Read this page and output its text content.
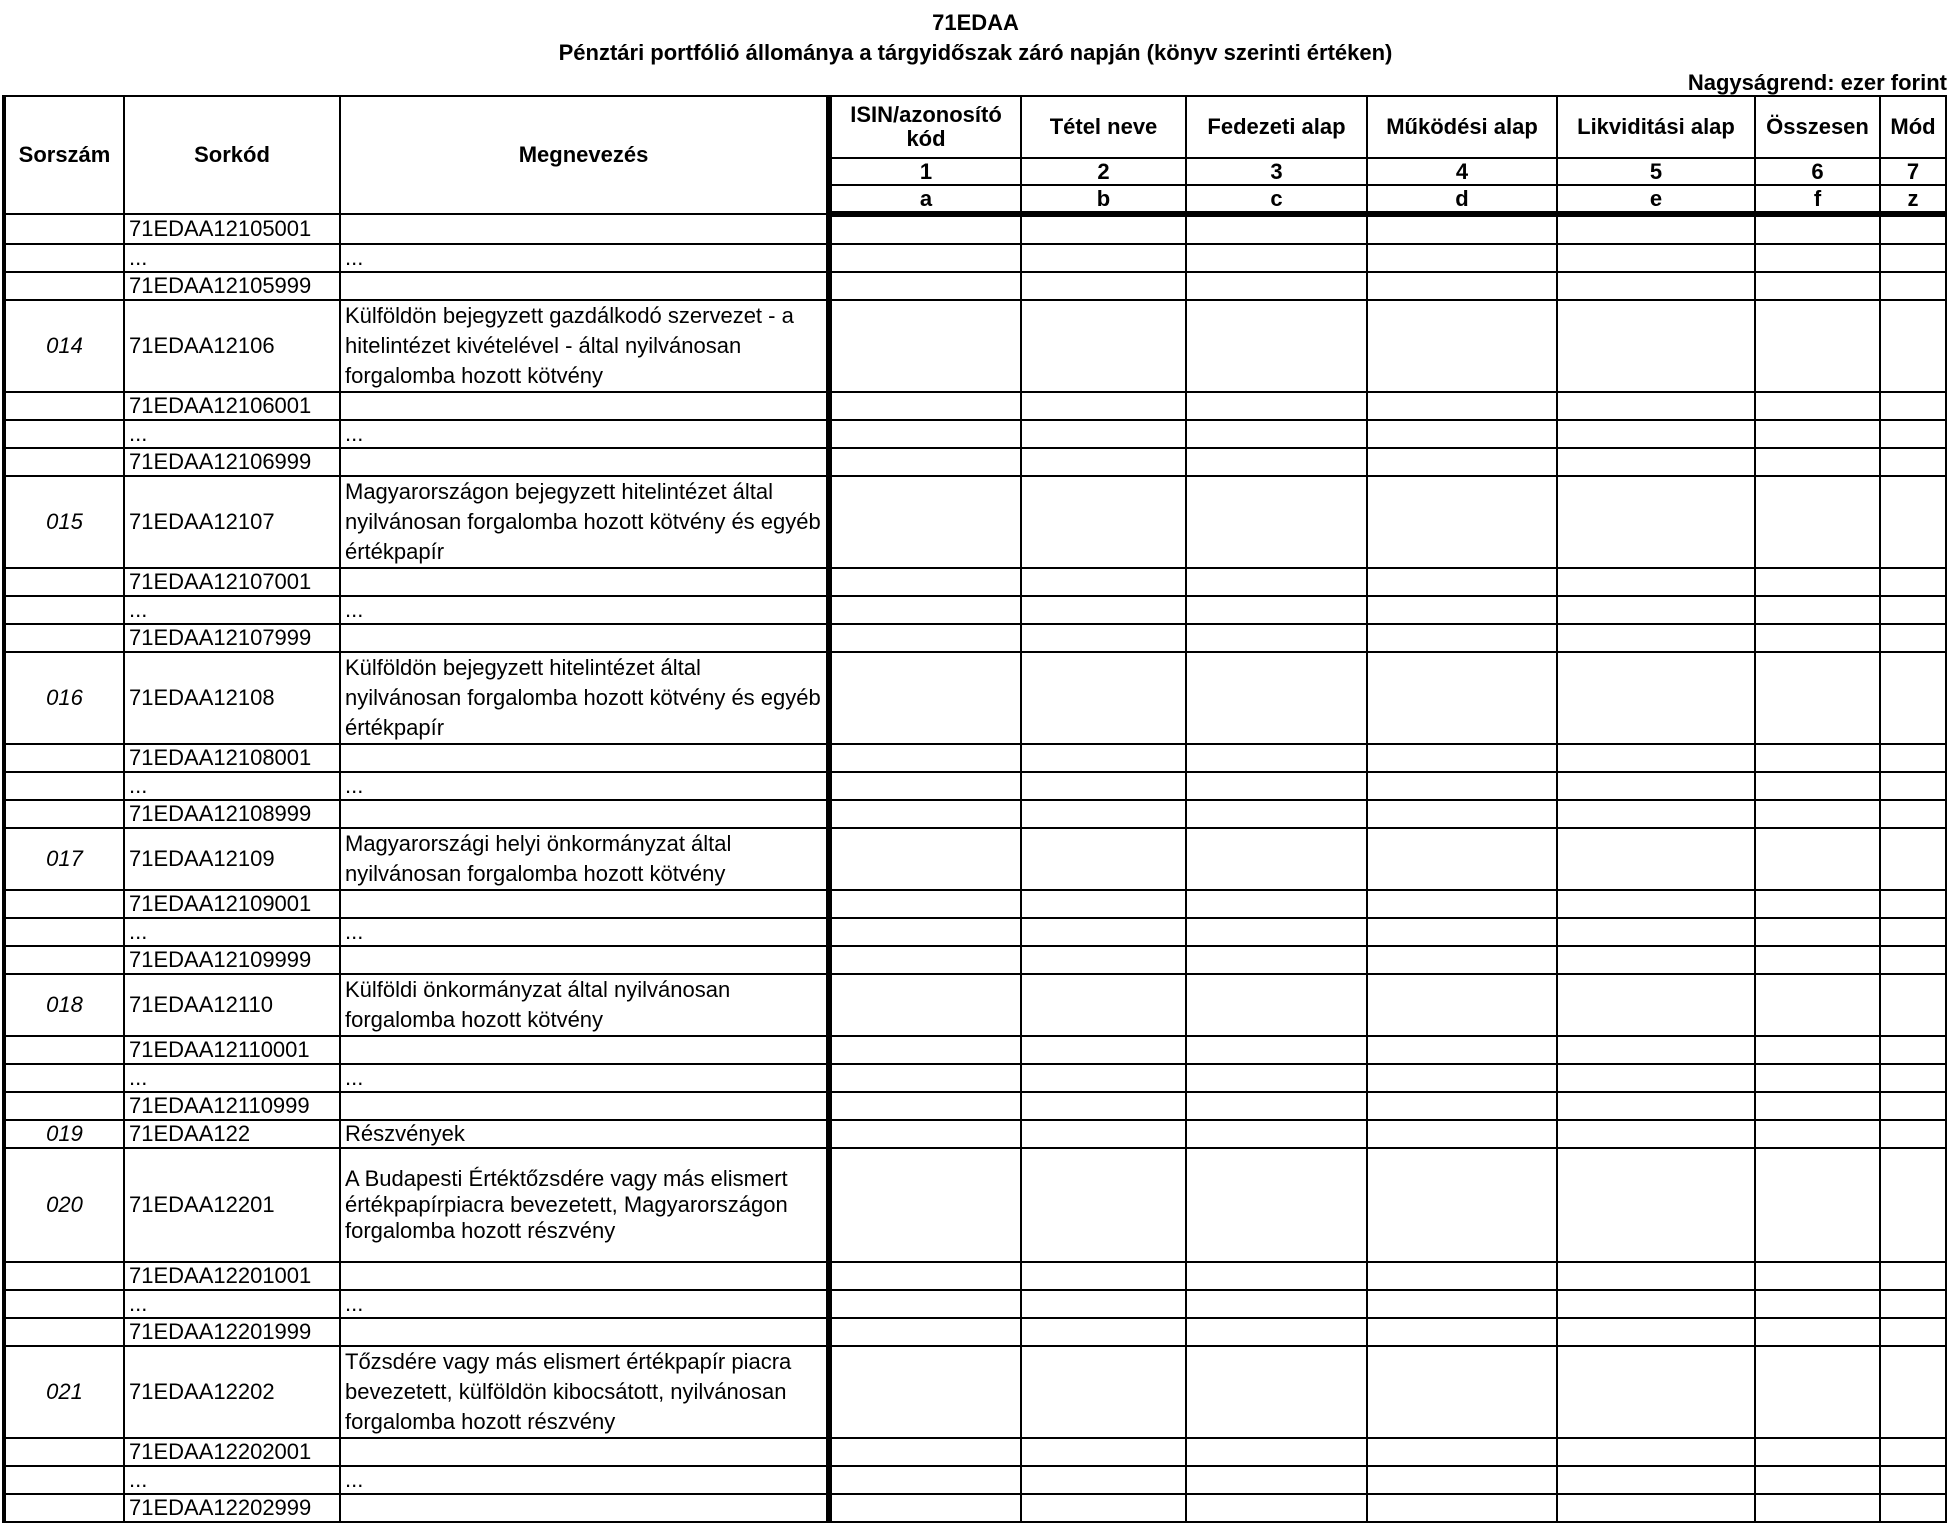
71EDAA
Pénztári portfólió állománya a tárgyidőszak záró napján (könyv szerinti értéken)
Nagyságrend: ezer forint
Sorszám	Sorkód	Megnevezés	ISIN/azonosító kód	Tétel neve	Fedezeti alap	Működési alap	Likviditási alap	Összesen	Mód
			1	2	3	4	5	6	7
			a	b	c	d	e	f	z
	71EDAA12105001								
	...	...							
	71EDAA12105999								
014	71EDAA12106	Külföldön bejegyzett gazdálkodó szervezet - a hitelintézet kivételével - által nyilvánosan forgalomba hozott kötvény							
	71EDAA12106001								
	...	...							
	71EDAA12106999								
015	71EDAA12107	Magyarországon bejegyzett hitelintézet által nyilvánosan forgalomba hozott kötvény és egyéb értékpapír							
	71EDAA12107001								
	...	...							
	71EDAA12107999								
016	71EDAA12108	Külföldön bejegyzett hitelintézet által nyilvánosan forgalomba hozott kötvény és egyéb értékpapír							
	71EDAA12108001								
	...	...							
	71EDAA12108999								
017	71EDAA12109	Magyarországi helyi önkormányzat által nyilvánosan forgalomba hozott kötvény							
	71EDAA12109001								
	...	...							
	71EDAA12109999								
018	71EDAA12110	Külföldi önkormányzat által nyilvánosan forgalomba hozott kötvény							
	71EDAA12110001								
	...	...							
	71EDAA12110999								
019	71EDAA122	Részvények							
020	71EDAA12201	A Budapesti Értéktőzsdére vagy más elismert értékpapírpiacra bevezetett, Magyarországon forgalomba hozott részvény							
	71EDAA12201001								
	...	...							
	71EDAA12201999								
021	71EDAA12202	Tőzsdére vagy más elismert értékpapír piacra bevezetett, külföldön kibocsátott, nyilvánosan forgalomba hozott részvény							
	71EDAA12202001								
	...	...							
	71EDAA12202999								
